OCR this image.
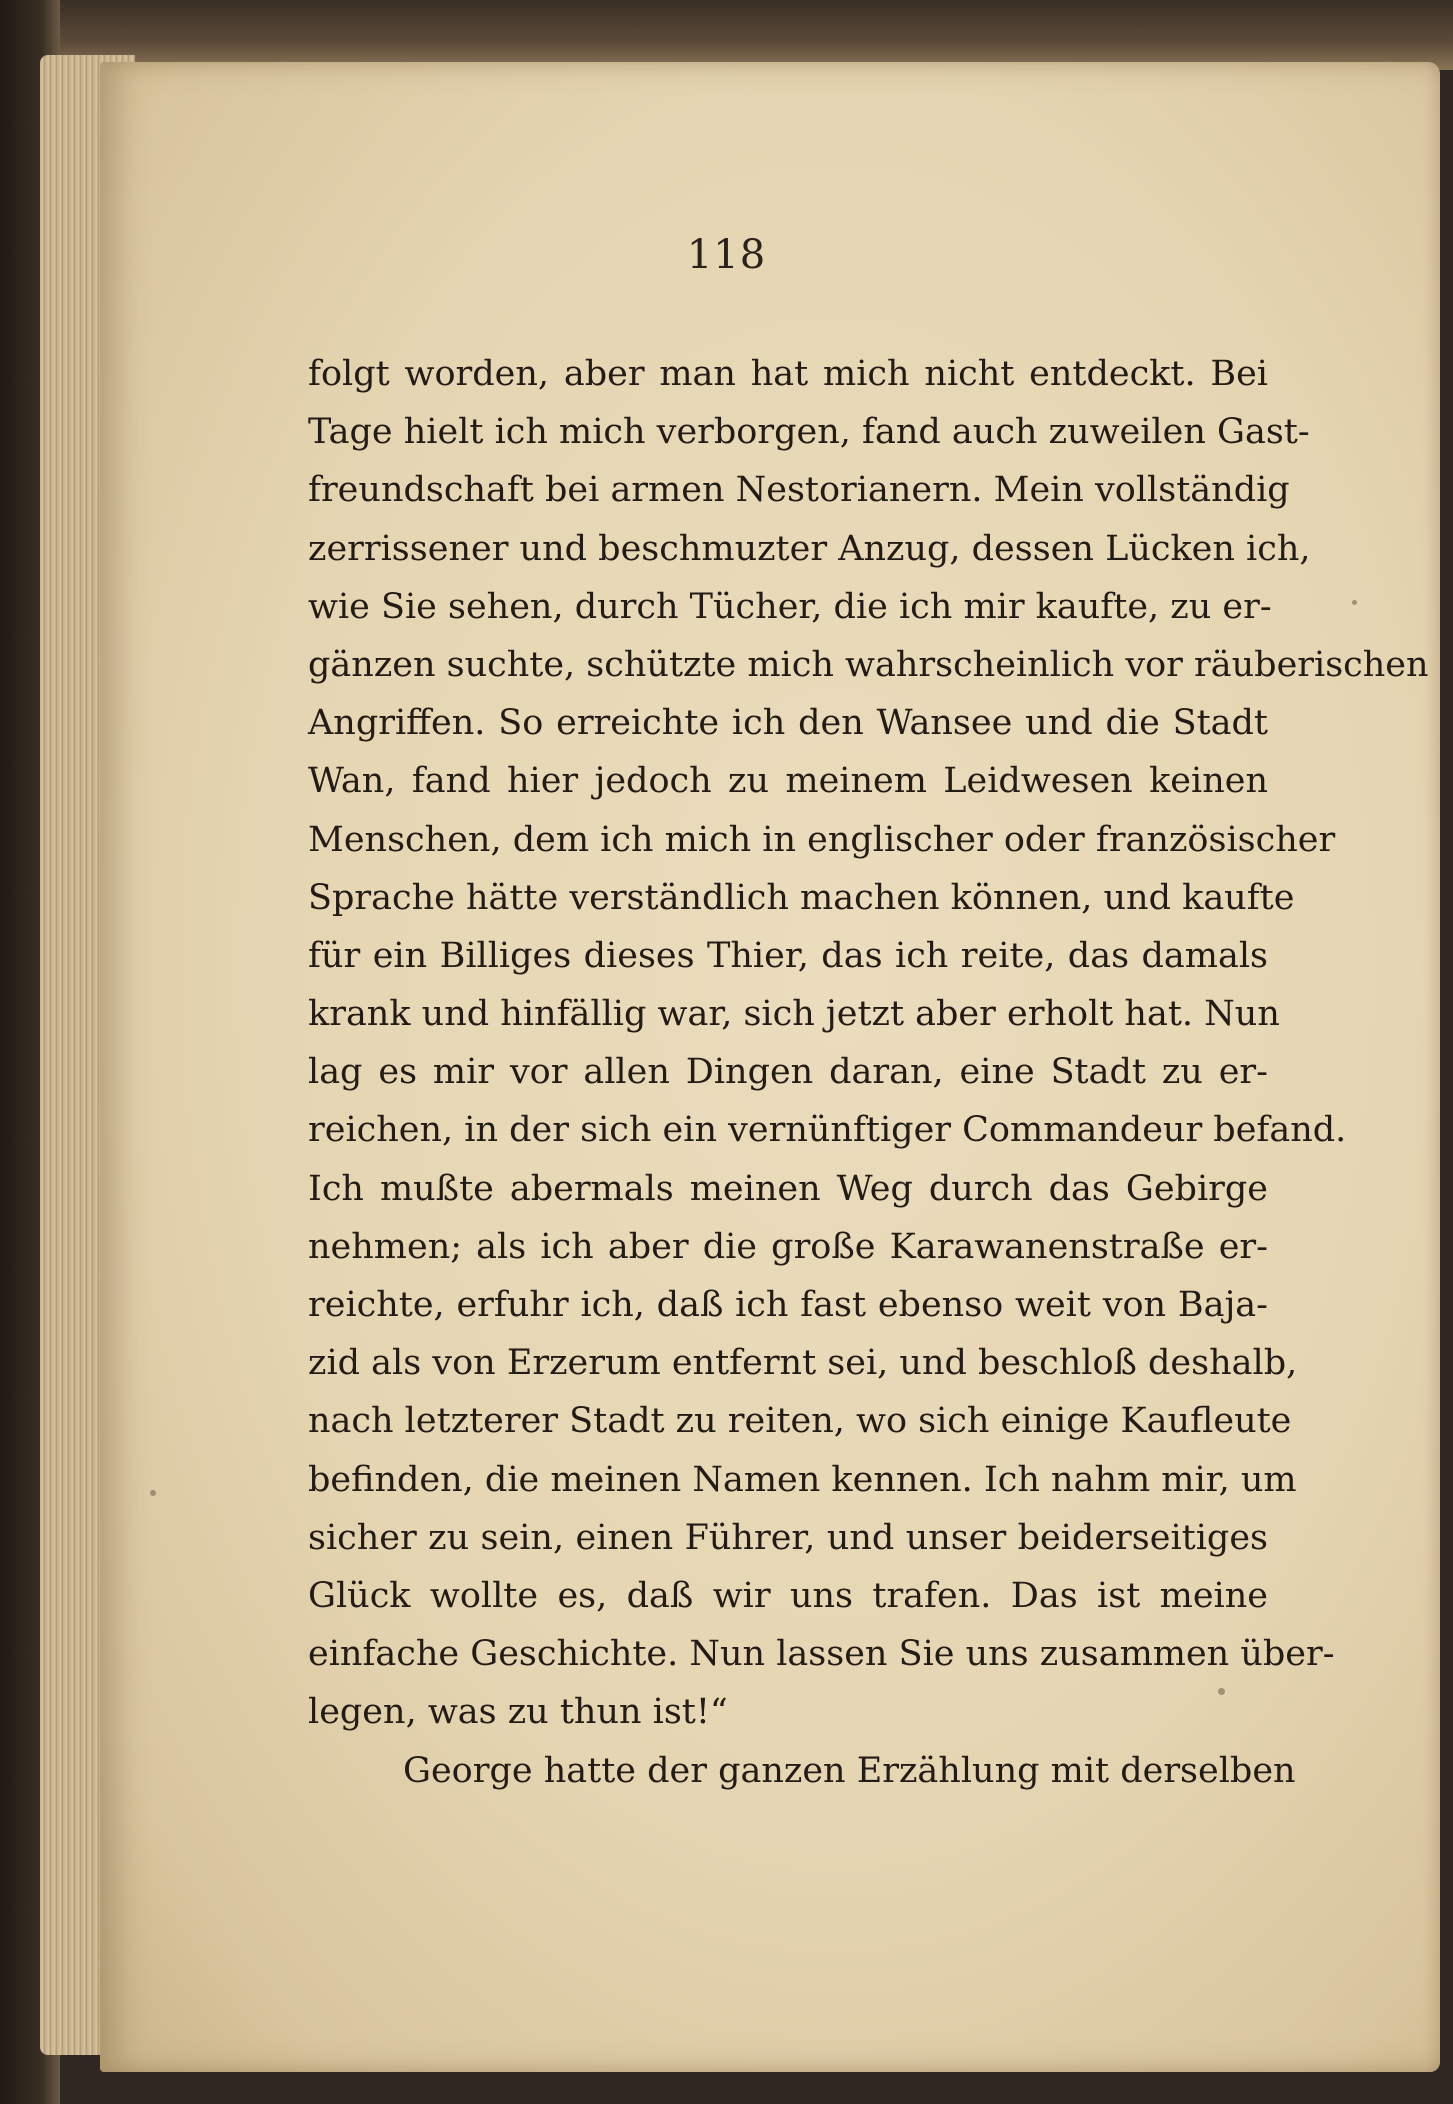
118
folgt worden, aber man hat mich nicht entdeckt. Bei
Tage hielt ich mich verborgen, fand auch zuweilen Gast-
freundschaft bei armen Nestorianern. Mein vollständig
zerrissener und beschmuzter Anzug, dessen Lücken ich,
wie Sie sehen, durch Tücher, die ich mir kaufte, zu er-
gänzen suchte, schützte mich wahrscheinlich vor räuberischen
Angriffen. So erreichte ich den Wansee und die Stadt
Wan, fand hier jedoch zu meinem Leidwesen keinen
Menschen, dem ich mich in englischer oder französischer
Sprache hätte verständlich machen können, und kaufte
für ein Billiges dieses Thier, das ich reite, das damals
krank und hinfällig war, sich jetzt aber erholt hat. Nun
lag es mir vor allen Dingen daran, eine Stadt zu er-
reichen, in der sich ein vernünftiger Commandeur befand.
Ich mußte abermals meinen Weg durch das Gebirge
nehmen; als ich aber die große Karawanenstraße er-
reichte, erfuhr ich, daß ich fast ebenso weit von Baja-
zid als von Erzerum entfernt sei, und beschloß deshalb,
nach letzterer Stadt zu reiten, wo sich einige Kaufleute
befinden, die meinen Namen kennen. Ich nahm mir, um
sicher zu sein, einen Führer, und unser beiderseitiges
Glück wollte es, daß wir uns trafen. Das ist meine
einfache Geschichte. Nun lassen Sie uns zusammen über-
legen, was zu thun ist!“
George hatte der ganzen Erzählung mit derselben
